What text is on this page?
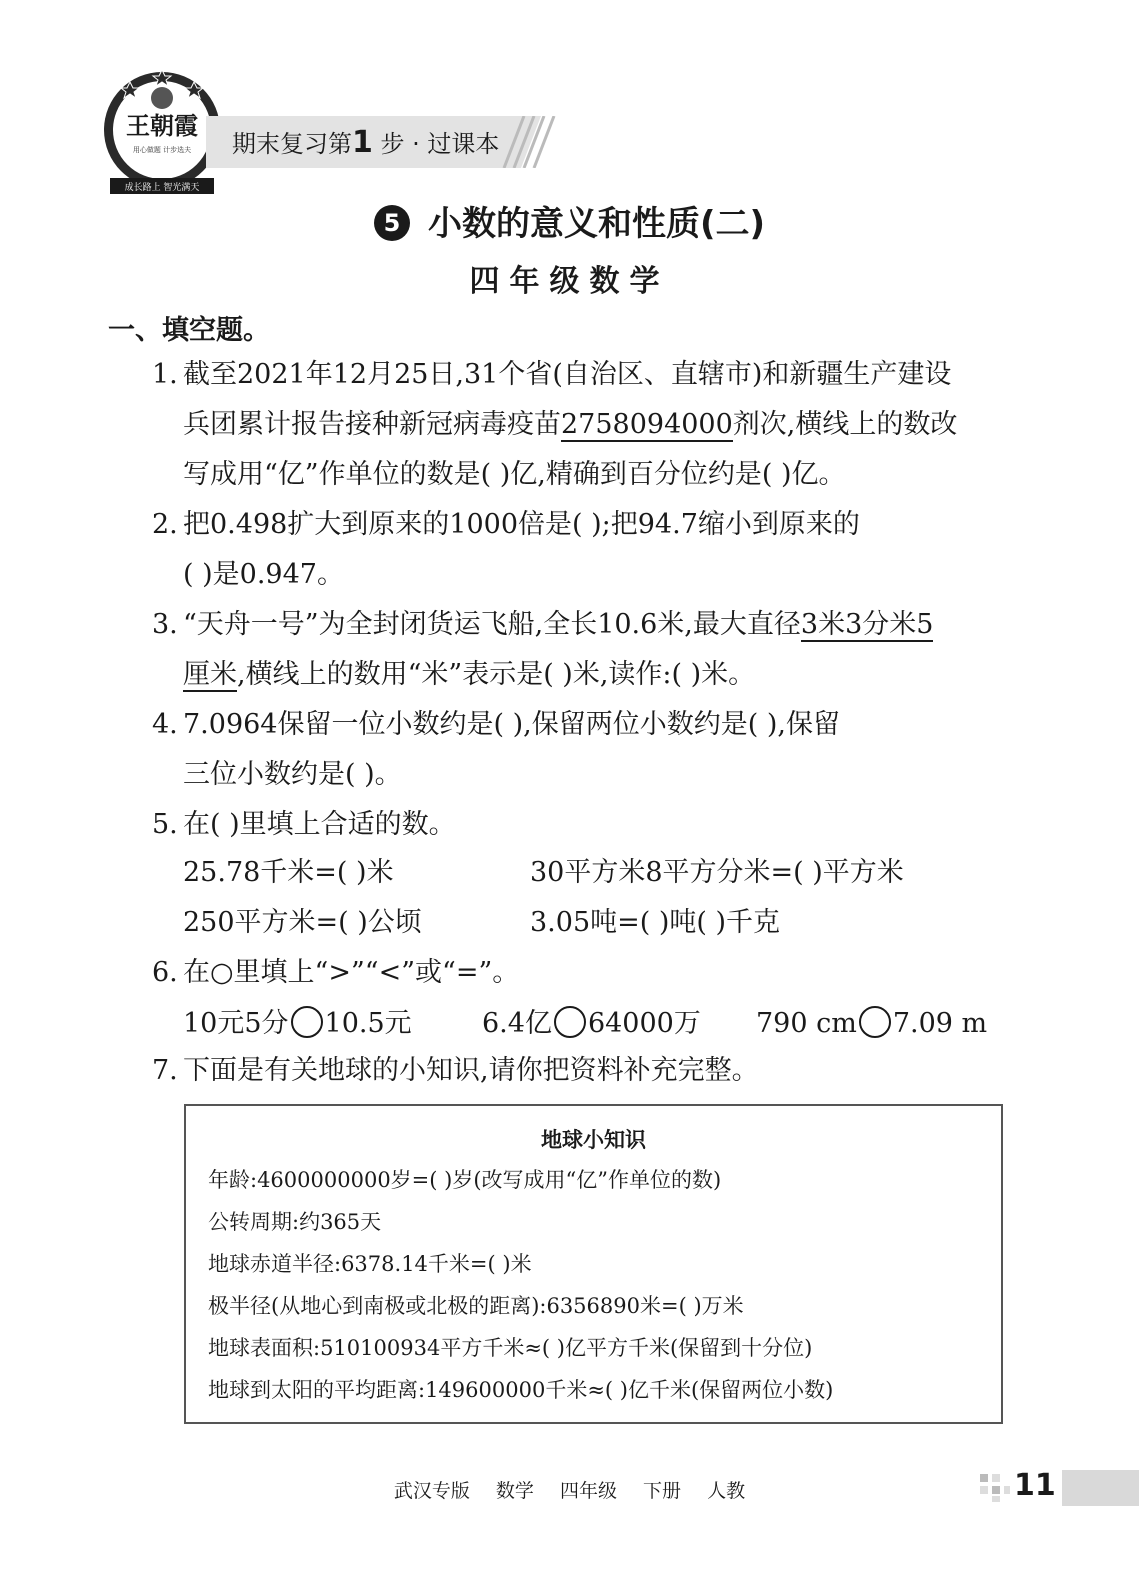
王朝霞
用心做题 计步选夫
成长路上 智光满天
期末复习第1 步 · 过课本
5 小数的意义和性质(二)
四年级数学
一、填空题。
1. 截至2021年12月25日,31个省(自治区、直辖市)和新疆生产建设
兵团累计报告接种新冠病毒疫苗2758094000剂次,横线上的数改
写成用“亿”作单位的数是( )亿,精确到百分位约是( )亿。
2. 把0.498扩大到原来的1000倍是( );把94.7缩小到原来的
( )是0.947。
3. “天舟一号”为全封闭货运飞船,全长10.6米,最大直径3米3分米5
厘米,横线上的数用“米”表示是( )米,读作:( )米。
4. 7.0964保留一位小数约是( ),保留两位小数约是( ),保留
三位小数约是( )。
5. 在( )里填上合适的数。
25.78千米=( )米	30平方米8平方分米=( )平方米
250平方米=( )公顷	3.05吨=( )吨( )千克
6. 在○里填上“>”“<”或“=”。
10元5分 10.5元	6.4亿 64000万 790 cm 7.09 m
7. 下面是有关地球的小知识,请你把资料补充完整。
地球小知识
年龄:4600000000岁=( )岁(改写成用“亿”作单位的数)
公转周期:约365天
地球赤道半径:6378.14千米=( )米
极半径(从地心到南极或北极的距离):6356890米=( )万米
地球表面积:510100934平方千米≈( )亿平方千米(保留到十分位)
地球到太阳的平均距离:149600000千米≈( )亿千米(保留两位小数)
武汉专版 数学 四年级 下册 人教	11
